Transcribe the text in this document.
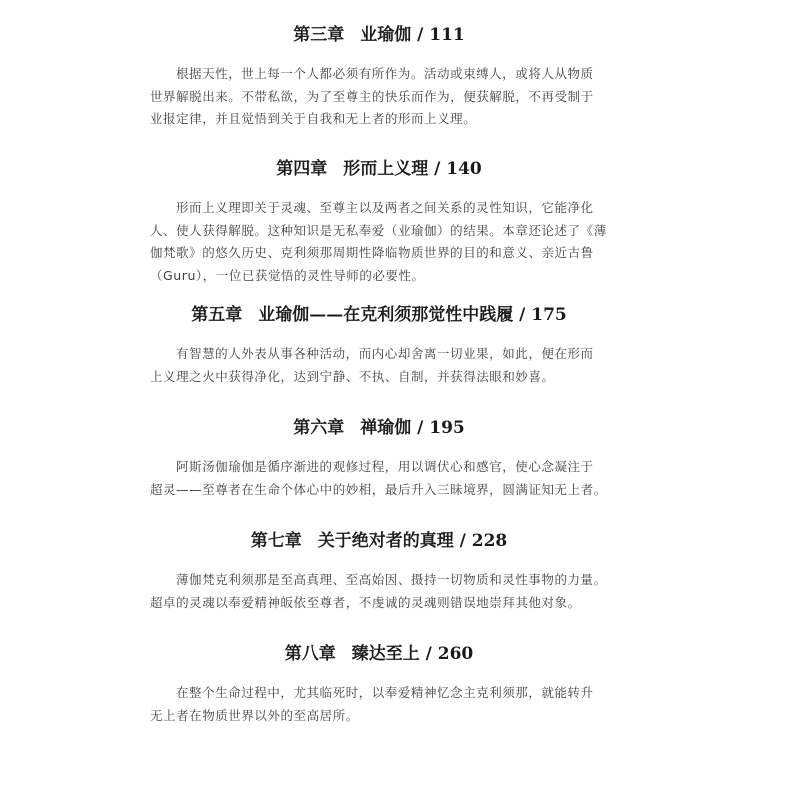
第三章 业瑜伽 / 111
根据天性，世上每一个人都必须有所作为。活动或束缚人，或将人从物质
世界解脱出来。不带私欲，为了至尊主的快乐而作为，便获解脱，不再受制于
业报定律，并且觉悟到关于自我和无上者的形而上义理。
第四章 形而上义理 / 140
形而上义理即关于灵魂、至尊主以及两者之间关系的灵性知识，它能净化
人、使人获得解脱。这种知识是无私奉爱（业瑜伽）的结果。本章还论述了《薄
伽梵歌》的悠久历史、克利须那周期性降临物质世界的目的和意义、亲近古鲁
（Guru），一位已获觉悟的灵性导师的必要性。
第五章 业瑜伽——在克利须那觉性中践履 / 175
有智慧的人外表从事各种活动，而内心却舍离一切业果，如此，便在形而
上义理之火中获得净化，达到宁静、不执、自制，并获得法眼和妙喜。
第六章 禅瑜伽 / 195
阿斯汤伽瑜伽是循序渐进的观修过程，用以调伏心和感官，使心念凝注于
超灵——至尊者在生命个体心中的妙相，最后升入三昧境界，圆满证知无上者。
第七章 关于绝对者的真理 / 228
薄伽梵克利须那是至高真理、至高始因、摄持一切物质和灵性事物的力量。
超卓的灵魂以奉爱精神皈依至尊者，不虔诚的灵魂则错误地崇拜其他对象。
第八章 臻达至上 / 260
在整个生命过程中，尤其临死时，以奉爱精神忆念主克利须那，就能转升
无上者在物质世界以外的至高居所。
